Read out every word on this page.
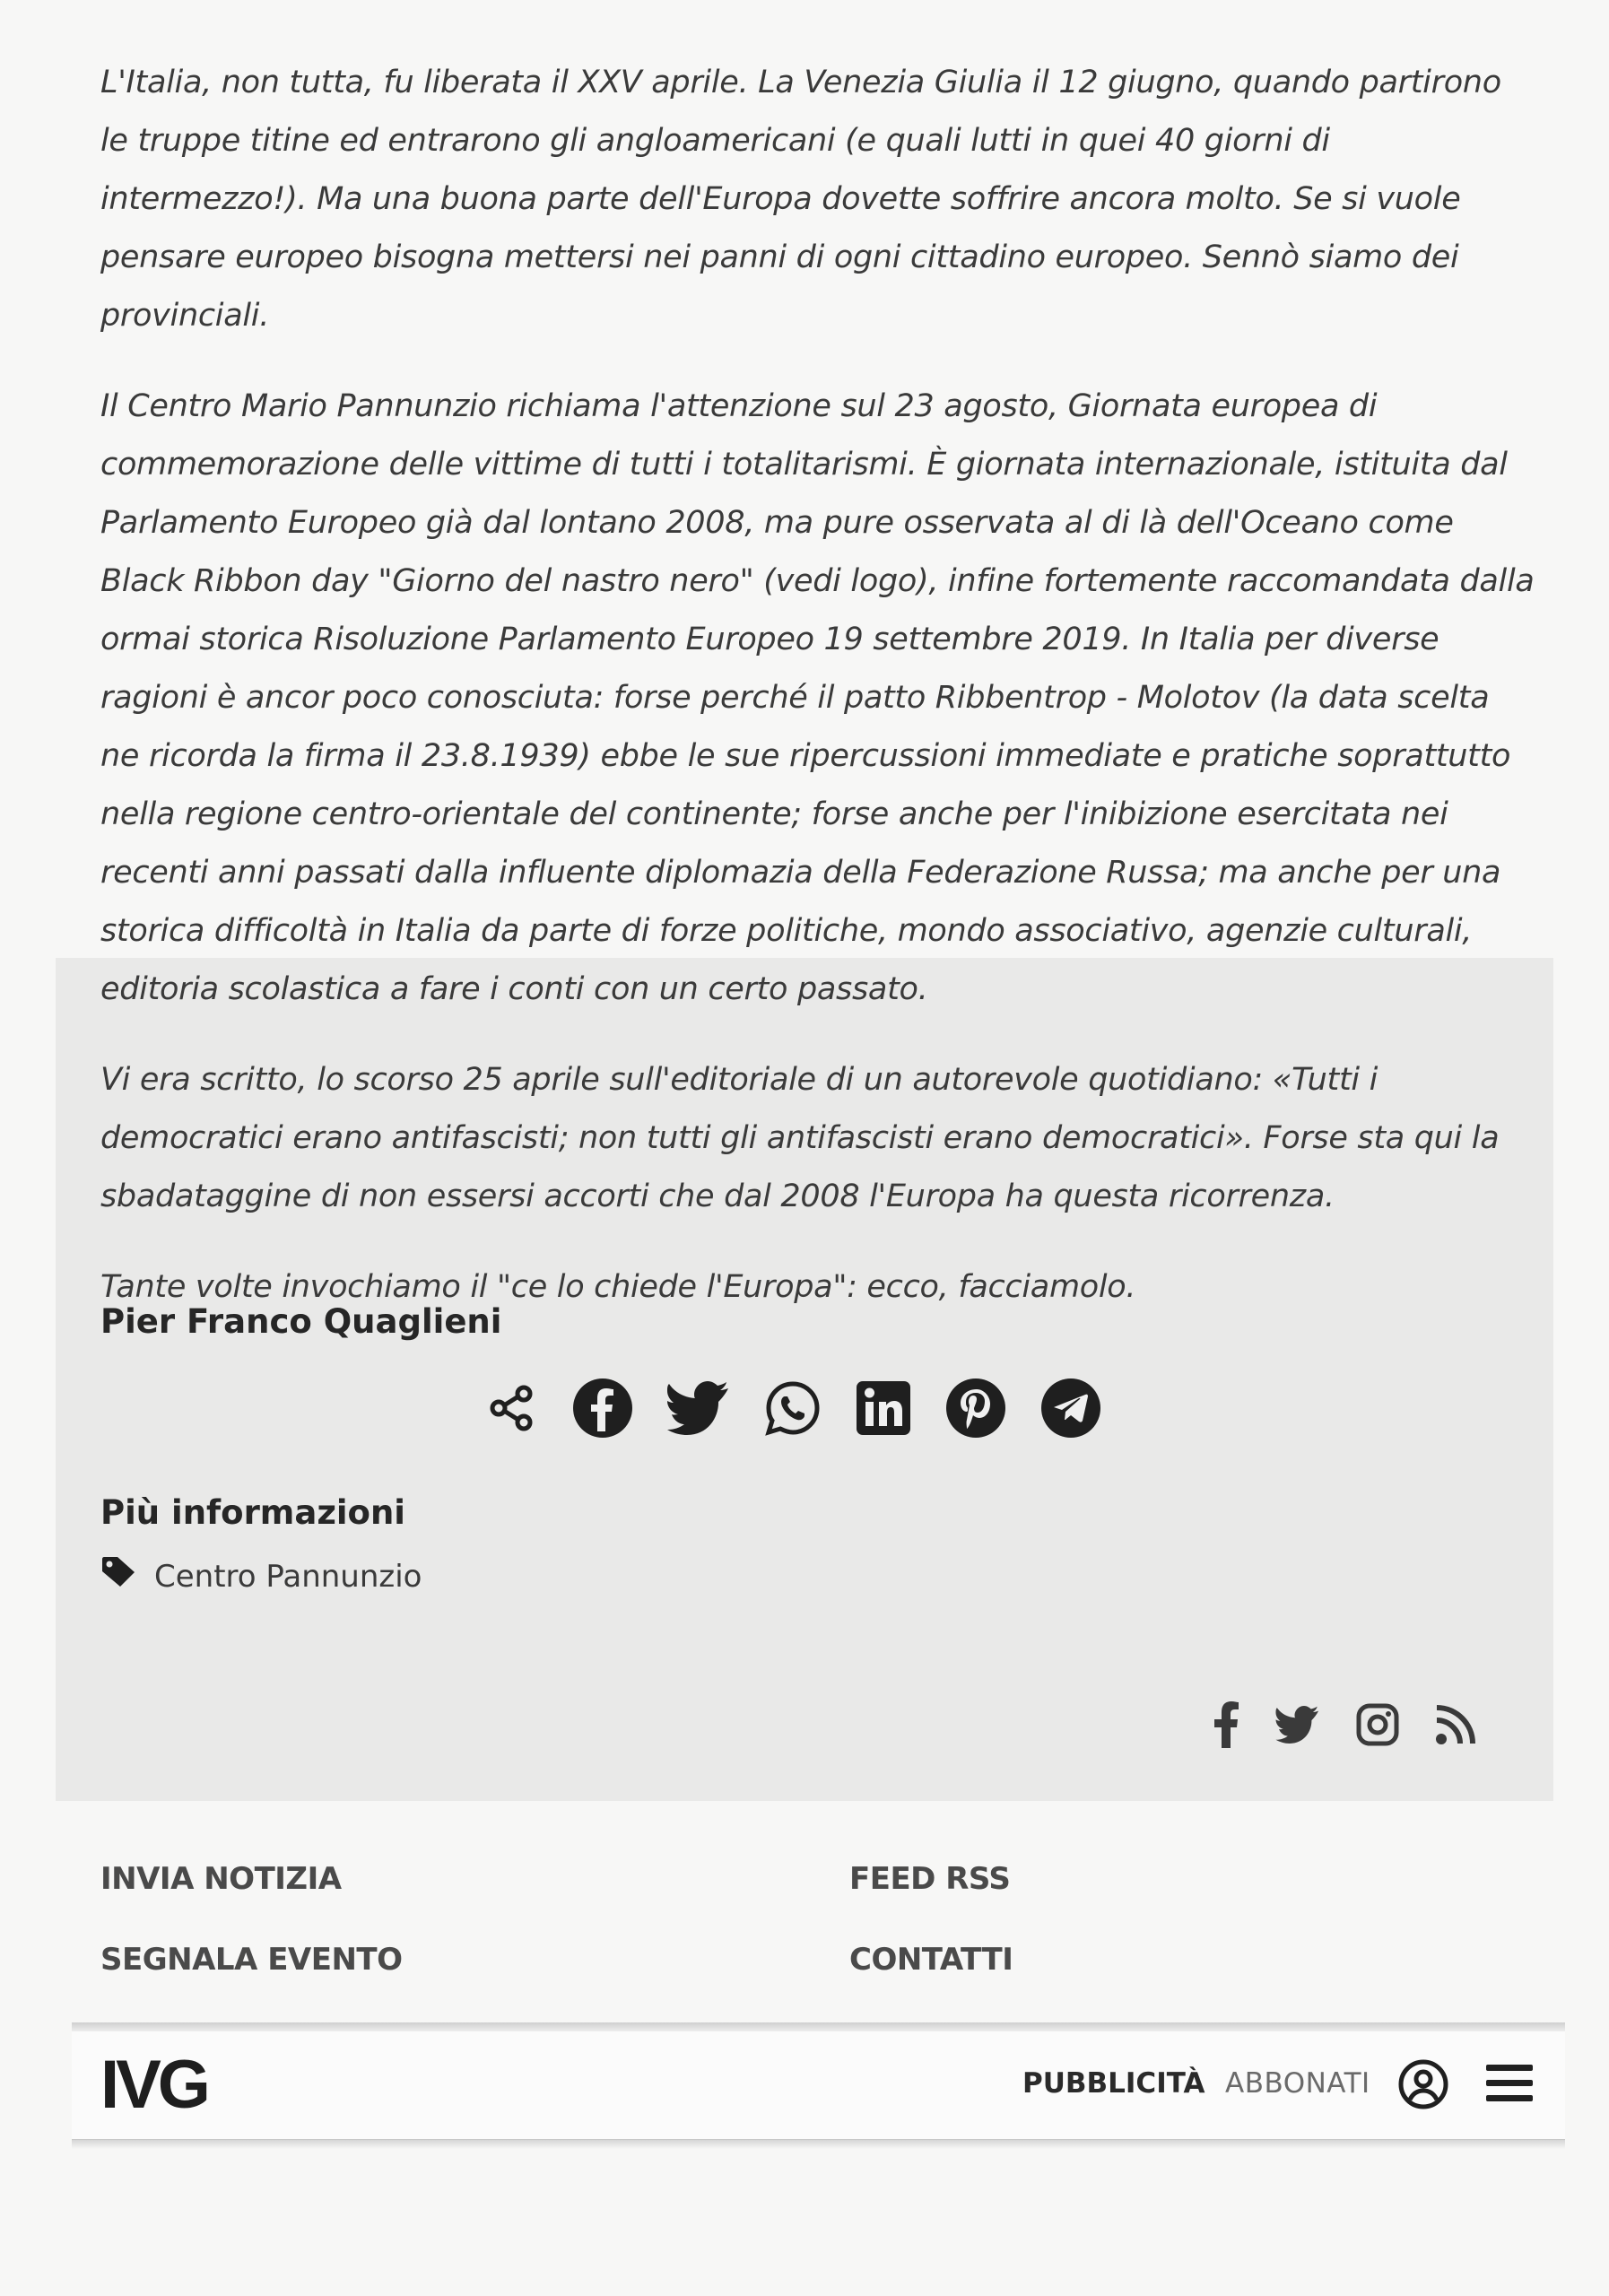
L'Italia, non tutta, fu liberata il XXV aprile. La Venezia Giulia il 12 giugno, quando partirono le truppe titine ed entrarono gli angloamericani (e quali lutti in quei 40 giorni di intermezzo!). Ma una buona parte dell'Europa dovette soffrire ancora molto. Se si vuole pensare europeo bisogna mettersi nei panni di ogni cittadino europeo. Sennò siamo dei provinciali.

Il Centro Mario Pannunzio richiama l'attenzione sul 23 agosto, Giornata europea di commemorazione delle vittime di tutti i totalitarismi. È giornata internazionale, istituita dal Parlamento Europeo già dal lontano 2008, ma pure osservata al di là dell'Oceano come Black Ribbon day "Giorno del nastro nero" (vedi logo), infine fortemente raccomandata dalla ormai storica Risoluzione Parlamento Europeo 19 settembre 2019. In Italia per diverse ragioni è ancor poco conosciuta: forse perché il patto Ribbentrop - Molotov (la data scelta ne ricorda la firma il 23.8.1939) ebbe le sue ripercussioni immediate e pratiche soprattutto nella regione centro-orientale del continente; forse anche per l'inibizione esercitata nei recenti anni passati dalla influente diplomazia della Federazione Russa; ma anche per una storica difficoltà in Italia da parte di forze politiche, mondo associativo, agenzie culturali, editoria scolastica a fare i conti con un certo passato.

Vi era scritto, lo scorso 25 aprile sull'editoriale di un autorevole quotidiano: «Tutti i democratici erano antifascisti; non tutti gli antifascisti erano democratici». Forse sta qui la sbadataggine di non essersi accorti che dal 2008 l'Europa ha questa ricorrenza.

Tante volte invochiamo il "ce lo chiede l'Europa": ecco, facciamolo.

Pier Franco Quaglieni

Più informazioni

Centro Pannunzio
INVIA NOTIZIA	FEED RSS
SEGNALA EVENTO	CONTATTI
IVG	PUBBLICITÀ ABBONATI
